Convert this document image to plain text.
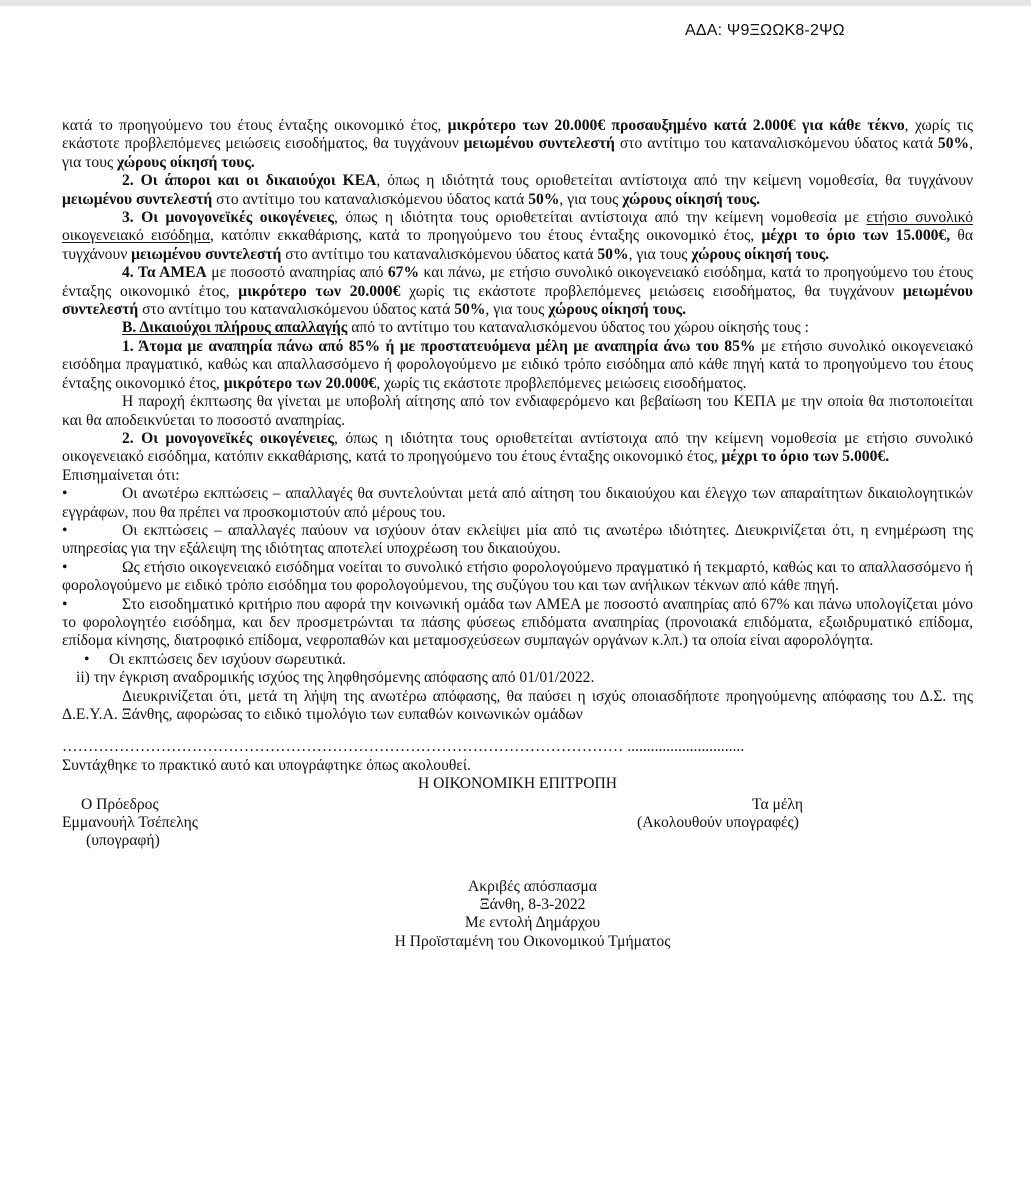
ΑΔΑ: Ψ9ΞΩΩΚ8-2ΨΩ

κατά το προηγούμενο του έτους ένταξης οικονομικό έτος, μικρότερο των 20.000€ προσαυξημένο κατά 2.000€ για κάθε τέκνο, χωρίς τις εκάστοτε προβλεπόμενες μειώσεις εισοδήματος, θα τυγχάνουν μειωμένου συντελεστή στο αντίτιμο του καταναλισκόμενου ύδατος κατά 50%, για τους χώρους οίκησή τους.

2. Οι άποροι και οι δικαιούχοι ΚΕΑ, όπως η ιδιότητά τους οριοθετείται αντίστοιχα από την κείμενη νομοθεσία, θα τυγχάνουν μειωμένου συντελεστή στο αντίτιμο του καταναλισκόμενου ύδατος κατά 50%, για τους χώρους οίκησή τους.

3. Οι μονογονεϊκές οικογένειες, όπως η ιδιότητα τους οριοθετείται αντίστοιχα από την κείμενη νομοθεσία με ετήσιο συνολικό οικογενειακό εισόδημα, κατόπιν εκκαθάρισης, κατά το προηγούμενο του έτους ένταξης οικονομικό έτος, μέχρι το όριο των 15.000€, θα τυγχάνουν μειωμένου συντελεστή στο αντίτιμο του καταναλισκόμενου ύδατος κατά 50%, για τους χώρους οίκησή τους.

4. Τα ΑΜΕΑ με ποσοστό αναπηρίας από 67% και πάνω, με ετήσιο συνολικό οικογενειακό εισόδημα, κατά το προηγούμενο του έτους ένταξης οικονομικό έτος, μικρότερο των 20.000€ χωρίς τις εκάστοτε προβλεπόμενες μειώσεις εισοδήματος, θα τυγχάνουν μειωμένου συντελεστή στο αντίτιμο του καταναλισκόμενου ύδατος κατά 50%, για τους χώρους οίκησή τους.

Β. Δικαιούχοι πλήρους απαλλαγής από το αντίτιμο του καταναλισκόμενου ύδατος του χώρου οίκησής τους :

1. Άτομα με αναπηρία πάνω από 85% ή με προστατευόμενα μέλη με αναπηρία άνω του 85% με ετήσιο συνολικό οικογενειακό εισόδημα πραγματικό, καθώς και απαλλασσόμενο ή φορολογούμενο με ειδικό τρόπο εισόδημα από κάθε πηγή κατά το προηγούμενο του έτους ένταξης οικονομικό έτος, μικρότερο των 20.000€, χωρίς τις εκάστοτε προβλεπόμενες μειώσεις εισοδήματος.

Η παροχή έκπτωσης θα γίνεται με υποβολή αίτησης από τον ενδιαφερόμενο και βεβαίωση του ΚΕΠΑ με την οποία θα πιστοποιείται και θα αποδεικνύεται το ποσοστό αναπηρίας.

2. Οι μονογονεϊκές οικογένειες, όπως η ιδιότητα τους οριοθετείται αντίστοιχα από την κείμενη νομοθεσία με ετήσιο συνολικό οικογενειακό εισόδημα, κατόπιν εκκαθάρισης, κατά το προηγούμενο του έτους ένταξης οικονομικό έτος, μέχρι το όριο των 5.000€.

Επισημαίνεται ότι:

•	Οι ανωτέρω εκπτώσεις – απαλλαγές θα συντελούνται μετά από αίτηση του δικαιούχου και έλεγχο των απαραίτητων δικαιολογητικών εγγράφων, που θα πρέπει να προσκομιστούν από μέρους του.

•	Οι εκπτώσεις – απαλλαγές παύουν να ισχύουν όταν εκλείψει μία από τις ανωτέρω ιδιότητες. Διευκρινίζεται ότι, η ενημέρωση της υπηρεσίας για την εξάλειψη της ιδιότητας αποτελεί υποχρέωση του δικαιούχου.

•	Ως ετήσιο οικογενειακό εισόδημα νοείται το συνολικό ετήσιο φορολογούμενο πραγματικό ή τεκμαρτό, καθώς και το απαλλασσόμενο ή φορολογούμενο με ειδικό τρόπο εισόδημα του φορολογούμενου, της συζύγου του και των ανήλικων τέκνων από κάθε πηγή.

•	Στο εισοδηματικό κριτήριο που αφορά την κοινωνική ομάδα των ΑΜΕΑ με ποσοστό αναπηρίας από 67% και πάνω υπολογίζεται μόνο το φορολογητέο εισόδημα, και δεν προσμετρώνται τα πάσης φύσεως επιδόματα αναπηρίας (προνοιακά επιδόματα, εξωιδρυματικό επίδομα, επίδομα κίνησης, διατροφικό επίδομα, νεφροπαθών και μεταμοσχεύσεων συμπαγών οργάνων κ.λπ.) τα οποία είναι αφορολόγητα.

• Οι εκπτώσεις δεν ισχύουν σωρευτικά.

ii) την έγκριση αναδρομικής ισχύος της ληφθησόμενης απόφασης από 01/01/2022.

Διευκρινίζεται ότι, μετά τη λήψη της ανωτέρω απόφασης, θα παύσει η ισχύς οποιασδήποτε προηγούμενης απόφασης του Δ.Σ. της Δ.Ε.Υ.Α. Ξάνθης, αφορώσας το ειδικό τιμολόγιο των ευπαθών κοινωνικών ομάδων

……………………………………………………………………………………………… ..............................

Συντάχθηκε το πρακτικό αυτό και υπογράφτηκε όπως ακολουθεί.

Η ΟΙΚΟΝΟΜΙΚΗ ΕΠΙΤΡΟΠΗ

Ο Πρόεδρος
Εμμανουήλ Τσέπελης
(υπογραφή)
Τα μέλη
(Ακολουθούν υπογραφές)
Ακριβές απόσπασμα
Ξάνθη, 8-3-2022
Με εντολή Δημάρχου
Η Προϊσταμένη του Οικονομικού Τμήματος
